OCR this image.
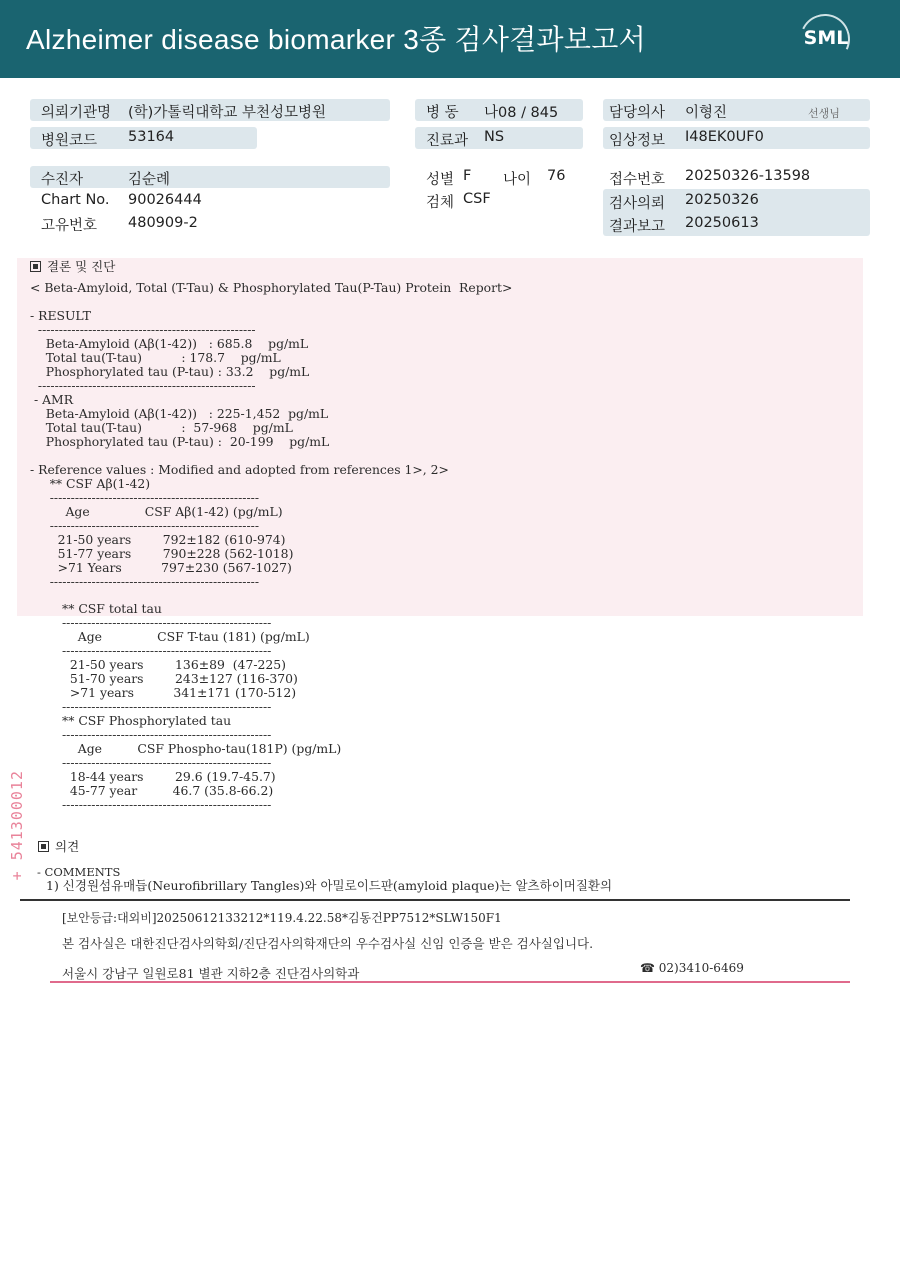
Alzheimer disease biomarker 3종 검사결과보고서	SML
의뢰기관명 (학)가톨릭대학교 부천성모병원
병원코드 53164
수진자	김순례
Chart No. 90026444
고유번호 480909-2
병 동 나08 / 845
진료과 NS
성별 F 나이 76
검체 CSF
담당의사 이형진	선생님
임상정보 I48EK0UF0
접수번호 20250326-13598
검사의뢰 20250326
결과보고 20250613
결론 및 진단
< Beta-Amyloid, Total (T-Tau) & Phosphorylated Tau(P-Tau) Protein  Report>

- RESULT
----------------------------------------------------
Beta-Amyloid (Aβ(1-42))   : 685.8    pg/mL
Total tau(T-tau)          : 178.7    pg/mL
Phosphorylated tau (P-tau) : 33.2    pg/mL
----------------------------------------------------
- AMR
Beta-Amyloid (Aβ(1-42))   : 225-1,452  pg/mL
Total tau(T-tau)          :  57-968    pg/mL
Phosphorylated tau (P-tau) :  20-199    pg/mL

- Reference values : Modified and adopted from references 1>, 2>
** CSF Aβ(1-42)
--------------------------------------------------
Age              CSF Aβ(1-42) (pg/mL)
--------------------------------------------------
21-50 years        792±182 (610-974)
51-77 years        790±228 (562-1018)
>71 Years          797±230 (567-1027)
--------------------------------------------------
** CSF total tau
--------------------------------------------------
Age              CSF T-tau (181) (pg/mL)
--------------------------------------------------
21-50 years        136±89  (47-225)
51-70 years        243±127 (116-370)
>71 years          341±171 (170-512)
--------------------------------------------------
** CSF Phosphorylated tau
--------------------------------------------------
Age         CSF Phospho-tau(181P) (pg/mL)
--------------------------------------------------
18-44 years        29.6 (19.7-45.7)
45-77 year         46.7 (35.8-66.2)
--------------------------------------------------
+ 541300012	의견
- COMMENTS
1) 신경원섬유매듭(Neurofibrillary Tangles)와 아밀로이드판(amyloid plaque)는 알츠하이머질환의
[보안등급:대외비]20250612133212*119.4.22.58*김동건PP7512*SLW150F1
본 검사실은 대한진단검사의학회/진단검사의학재단의 우수검사실 신임 인증을 받은 검사실입니다.
서울시 강남구 일원로81 별관 지하2층 진단검사의학과	☎ 02)3410-6469
